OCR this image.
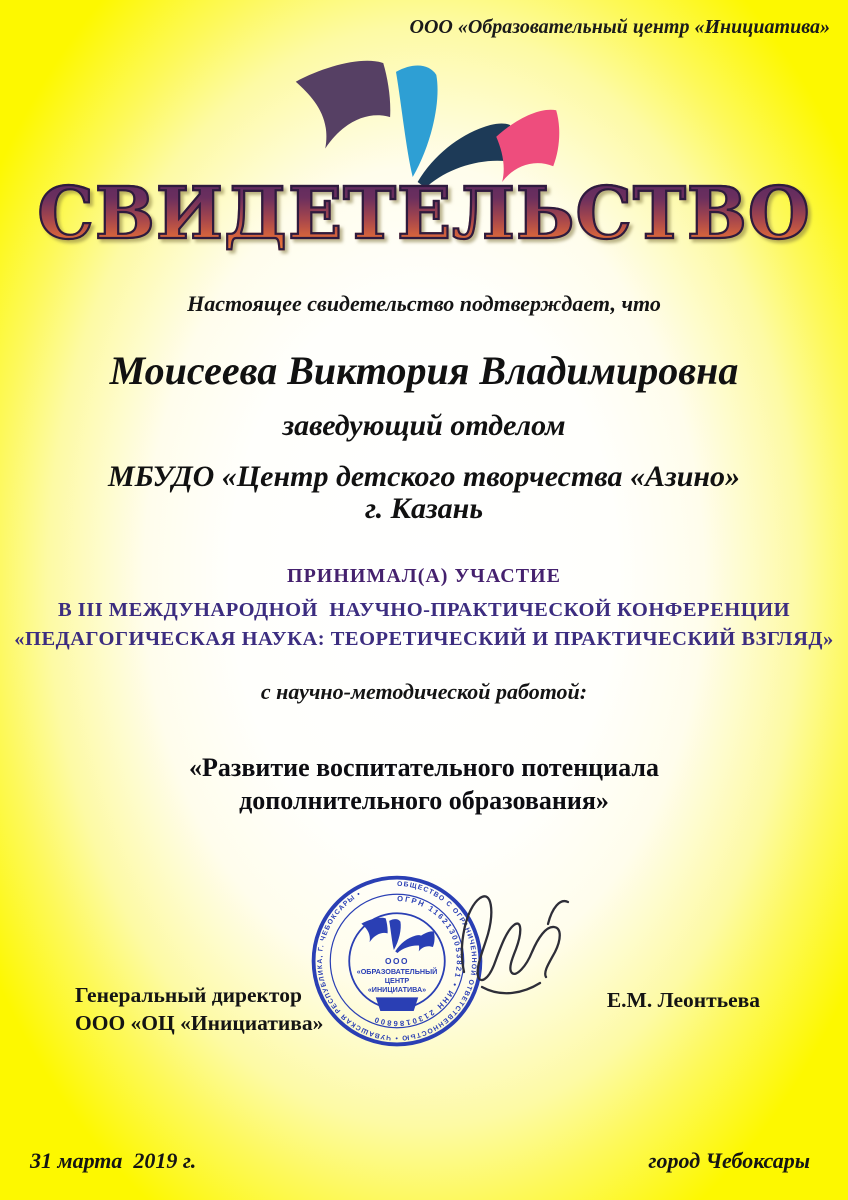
ООО «Образовательный центр «Инициатива»
СВИДЕТЕЛЬСТВО
Настоящее свидетельство подтверждает, что
Моисеева Виктория Владимировна
заведующий отделом
МБУДО «Центр детского творчества «Азино»
г. Казань
ПРИНИМАЛ(А) УЧАСТИЕ
В III МЕЖДУНАРОДНОЙ  НАУЧНО-ПРАКТИЧЕСКОЙ КОНФЕРЕНЦИИ
«ПЕДАГОГИЧЕСКАЯ НАУКА: ТЕОРЕТИЧЕСКИЙ И ПРАКТИЧЕСКИЙ ВЗГЛЯД»
с научно-методической работой:
«Развитие воспитательного потенциала
дополнительного образования»
ОБЩЕСТВО С ОГРАНИЧЕННОЙ ОТВЕТСТВЕННОСТЬЮ • ЧУВАШСКАЯ РЕСПУБЛИКА, Г. ЧЕБОКСАРЫ •	ОГРН 1162130053821 • ИНН 2130186800
ООО
«ОБРАЗОВАТЕЛЬНЫЙ
ЦЕНТР
«ИНИЦИАТИВА»
Генеральный директор
ООО «ОЦ «Инициатива»
Е.М. Леонтьева
31 марта  2019 г.	город Чебоксары
